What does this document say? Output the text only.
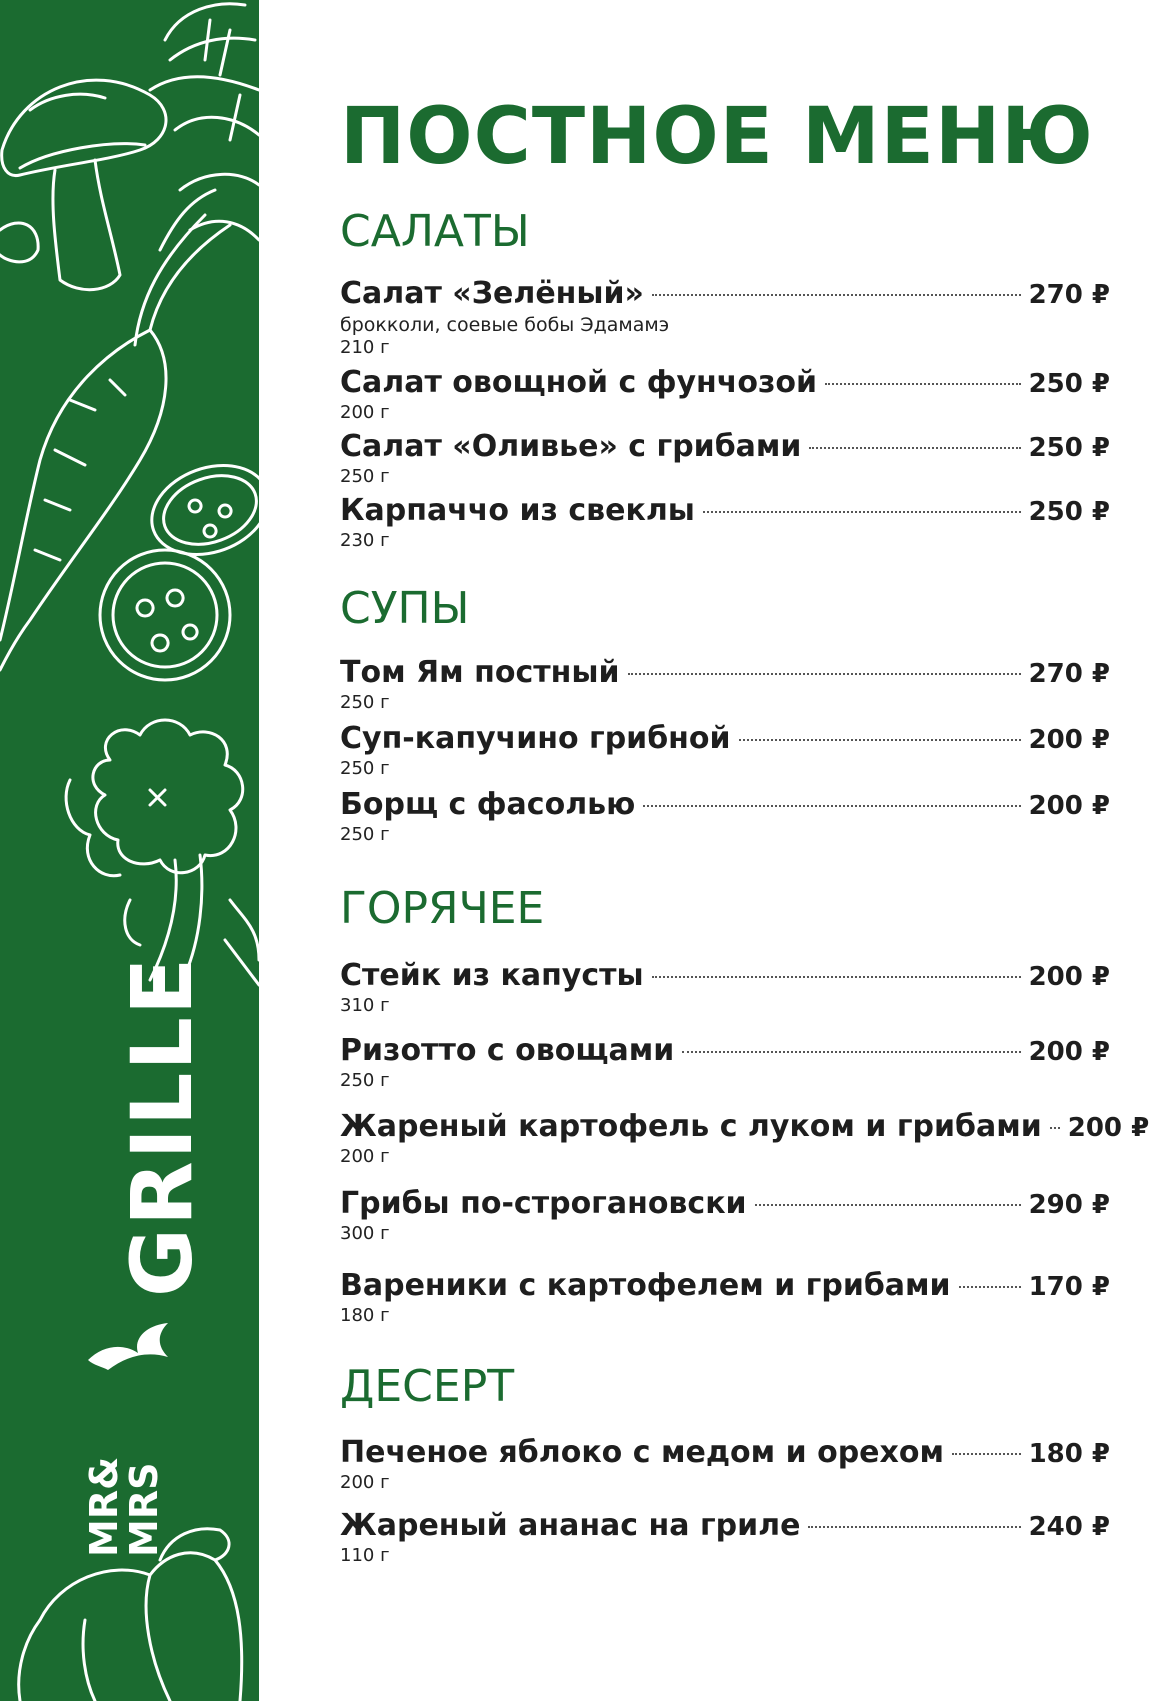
GRILLE
MR&
MRS
ПОСТНОЕ МЕНЮ
САЛАТЫ
Салат «Зелёный»	270 ₽
брокколи, соевые бобы Эдамамэ
210 г
Салат овощной с фунчозой	250 ₽
200 г
Салат «Оливье» с грибами	250 ₽
250 г
Карпаччо из свеклы	250 ₽
230 г
СУПЫ
Том Ям постный	270 ₽
250 г
Суп-капучино грибной	200 ₽
250 г
Борщ с фасолью	200 ₽
250 г
ГОРЯЧЕЕ
Стейк из капусты	200 ₽
310 г
Ризотто с овощами	200 ₽
250 г
Жареный картофель с луком и грибами 200 ₽
200 г
Грибы по-строгановски	290 ₽
300 г
Вареники с картофелем и грибами	170 ₽
180 г
ДЕСЕРТ
Печеное яблоко с медом и орехом	180 ₽
200 г
Жареный ананас на гриле	240 ₽
110 г
